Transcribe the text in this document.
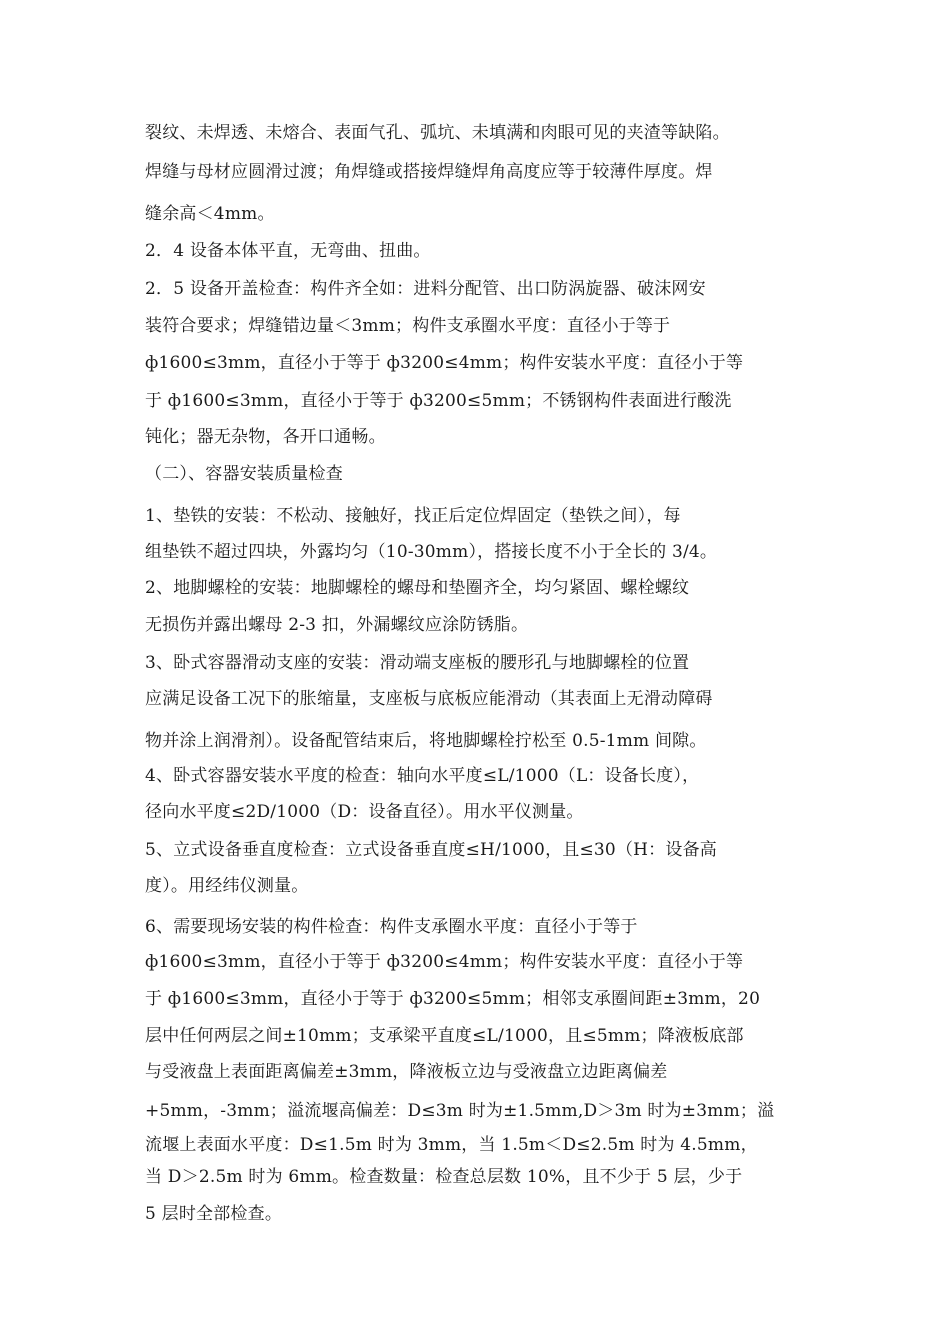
裂纹、未焊透、未熔合、表面气孔、弧坑、未填满和肉眼可见的夹渣等缺陷。
焊缝与母材应圆滑过渡；角焊缝或搭接焊缝焊角高度应等于较薄件厚度。焊
缝余高＜4mm。
2．4 设备本体平直，无弯曲、扭曲。
2．5 设备开盖检查：构件齐全如：进料分配管、出口防涡旋器、破沫网安
装符合要求；焊缝错边量＜3mm；构件支承圈水平度：直径小于等于
ф1600≤3mm，直径小于等于 ф3200≤4mm；构件安装水平度：直径小于等
于 ф1600≤3mm，直径小于等于 ф3200≤5mm；不锈钢构件表面进行酸洗
钝化；器无杂物，各开口通畅。
（二）、容器安装质量检查
1、垫铁的安装：不松动、接触好，找正后定位焊固定（垫铁之间），每
组垫铁不超过四块，外露均匀（10-30mm），搭接长度不小于全长的 3/4。
2、地脚螺栓的安装：地脚螺栓的螺母和垫圈齐全，均匀紧固、螺栓螺纹
无损伤并露出螺母 2-3 扣，外漏螺纹应涂防锈脂。
3、卧式容器滑动支座的安装：滑动端支座板的腰形孔与地脚螺栓的位置
应满足设备工况下的胀缩量，支座板与底板应能滑动（其表面上无滑动障碍
物并涂上润滑剂）。设备配管结束后，将地脚螺栓拧松至 0.5-1mm 间隙。
4、卧式容器安装水平度的检查：轴向水平度≤L/1000（L：设备长度），
径向水平度≤2D/1000（D：设备直径）。用水平仪测量。
5、立式设备垂直度检查：立式设备垂直度≤H/1000，且≤30（H：设备高
度）。用经纬仪测量。
6、需要现场安装的构件检查：构件支承圈水平度：直径小于等于
ф1600≤3mm，直径小于等于 ф3200≤4mm；构件安装水平度：直径小于等
于 ф1600≤3mm，直径小于等于 ф3200≤5mm；相邻支承圈间距±3mm，20
层中任何两层之间±10mm；支承梁平直度≤L/1000，且≤5mm；降液板底部
与受液盘上表面距离偏差±3mm，降液板立边与受液盘立边距离偏差
+5mm，-3mm；溢流堰高偏差：D≤3m 时为±1.5mm,D＞3m 时为±3mm；溢
流堰上表面水平度：D≤1.5m 时为 3mm，当 1.5m＜D≤2.5m 时为 4.5mm，
当 D＞2.5m 时为 6mm。检查数量：检查总层数 10%，且不少于 5 层，少于
5 层时全部检查。
